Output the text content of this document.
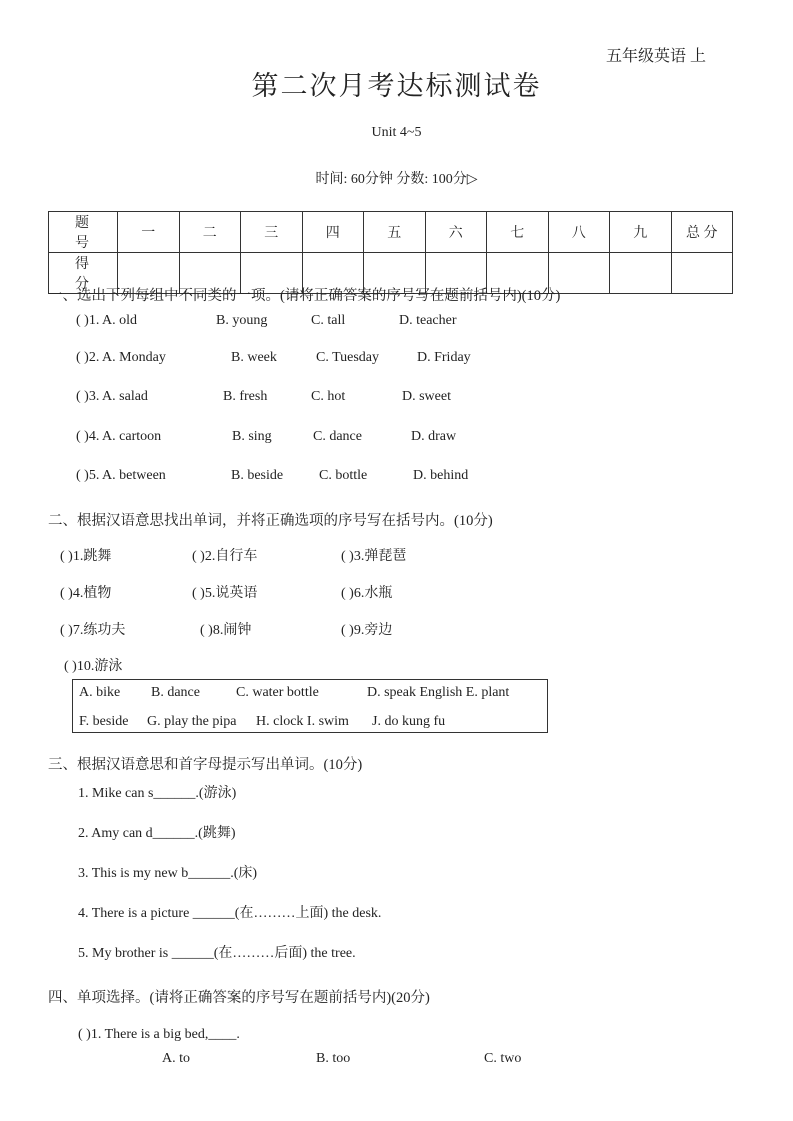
五年级英语 上
第二次月考达标测试卷
Unit 4~5
时间: 60分钟 分数: 100分▷
题 号	一	二	三	四	五	六	七	八	九	总 分
得 分										
一、选出下列每组中不同类的一项。(请将正确答案的序号写在题前括号内)(10分)
( )1. A. old	B. young	C. tall	D. teacher
( )2. A. Monday	B. week	C. Tuesday	D. Friday
( )3. A. salad	B. fresh	C. hot	D. sweet
( )4. A. cartoon	B. sing	C. dance	D. draw
( )5. A. between	B. beside	C. bottle	D. behind
二、根据汉语意思找出单词，并将正确选项的序号写在括号内。(10分)
( )1.跳舞	( )2.自行车	( )3.弹琵琶
( )4.植物	( )5.说英语	( )6.水瓶
( )7.练功夫	( )8.闹钟	( )9.旁边
( )10.游泳
A. bike B. dance	C. water bottle	D. speak English E. plant
F. beside G. play the pipa H. clock I. swim J. do kung fu
三、根据汉语意思和首字母提示写出单词。(10分)
1. Mike can s______.(游泳)
2. Amy can d______.(跳舞)
3. This is my new b______.(床)
4. There is a picture ______(在………上面) the desk.
5. My brother is ______(在………后面) the tree.
四、单项选择。(请将正确答案的序号写在题前括号内)(20分)
( )1. There is a big bed,____.
A. to	B. too	C. two
